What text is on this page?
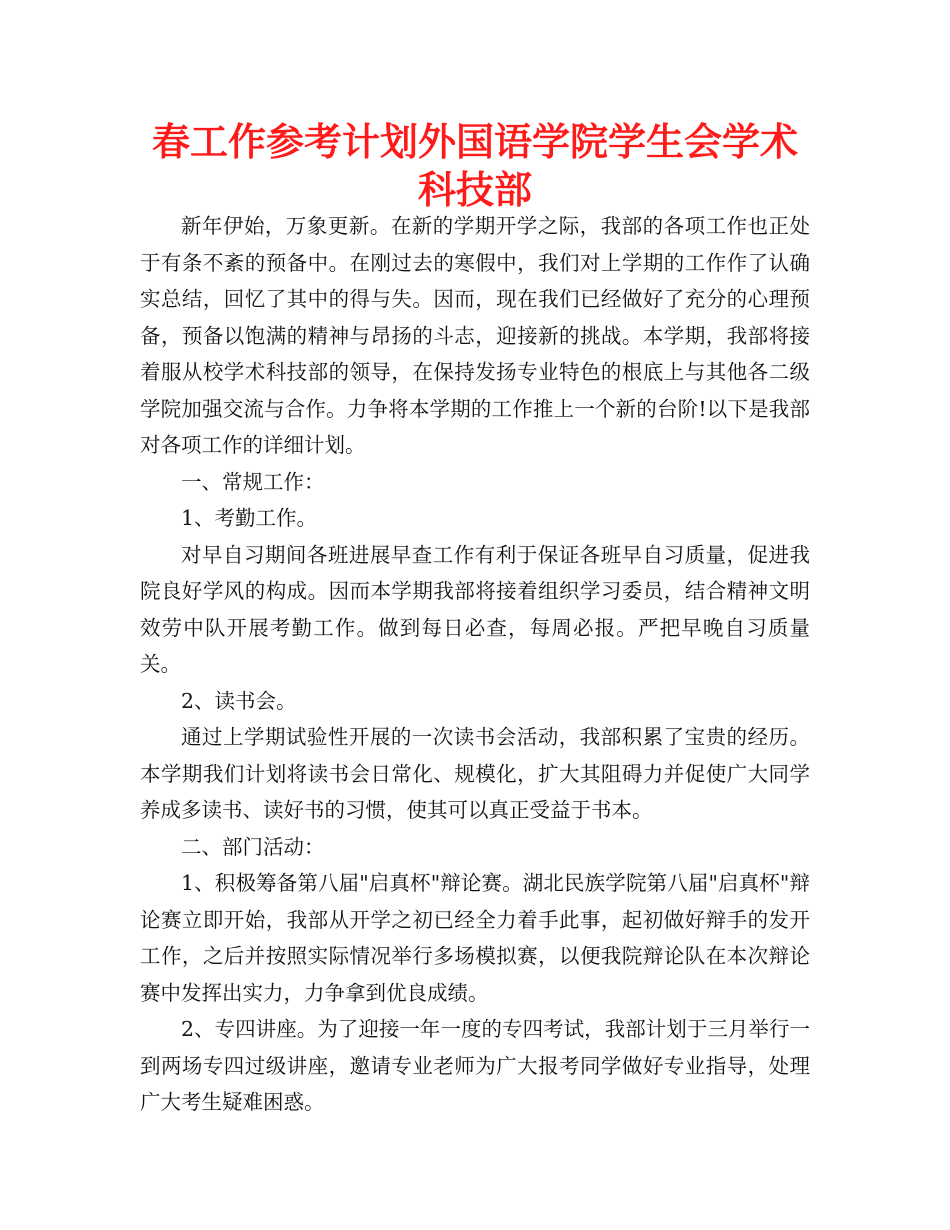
春工作参考计划外国语学院学生会学术科技部

新年伊始，万象更新。在新的学期开学之际，我部的各项工作也正处于有条不紊的预备中。在刚过去的寒假中，我们对上学期的工作作了认确实总结，回忆了其中的得与失。因而，现在我们已经做好了充分的心理预备，预备以饱满的精神与昂扬的斗志，迎接新的挑战。本学期，我部将接着服从校学术科技部的领导，在保持发扬专业特色的根底上与其他各二级学院加强交流与合作。力争将本学期的工作推上一个新的台阶!以下是我部对各项工作的详细计划。

一、常规工作：

1、考勤工作。

对早自习期间各班进展早查工作有利于保证各班早自习质量，促进我院良好学风的构成。因而本学期我部将接着组织学习委员，结合精神文明效劳中队开展考勤工作。做到每日必查，每周必报。严把早晚自习质量关。

2、读书会。

通过上学期试验性开展的一次读书会活动，我部积累了宝贵的经历。本学期我们计划将读书会日常化、规模化，扩大其阻碍力并促使广大同学养成多读书、读好书的习惯，使其可以真正受益于书本。

二、部门活动：

1、积极筹备第八届"启真杯"辩论赛。湖北民族学院第八届"启真杯"辩论赛立即开始，我部从开学之初已经全力着手此事，起初做好辩手的发开工作，之后并按照实际情况举行多场模拟赛，以便我院辩论队在本次辩论赛中发挥出实力，力争拿到优良成绩。

2、专四讲座。为了迎接一年一度的专四考试，我部计划于三月举行一到两场专四过级讲座，邀请专业老师为广大报考同学做好专业指导，处理广大考生疑难困惑。
